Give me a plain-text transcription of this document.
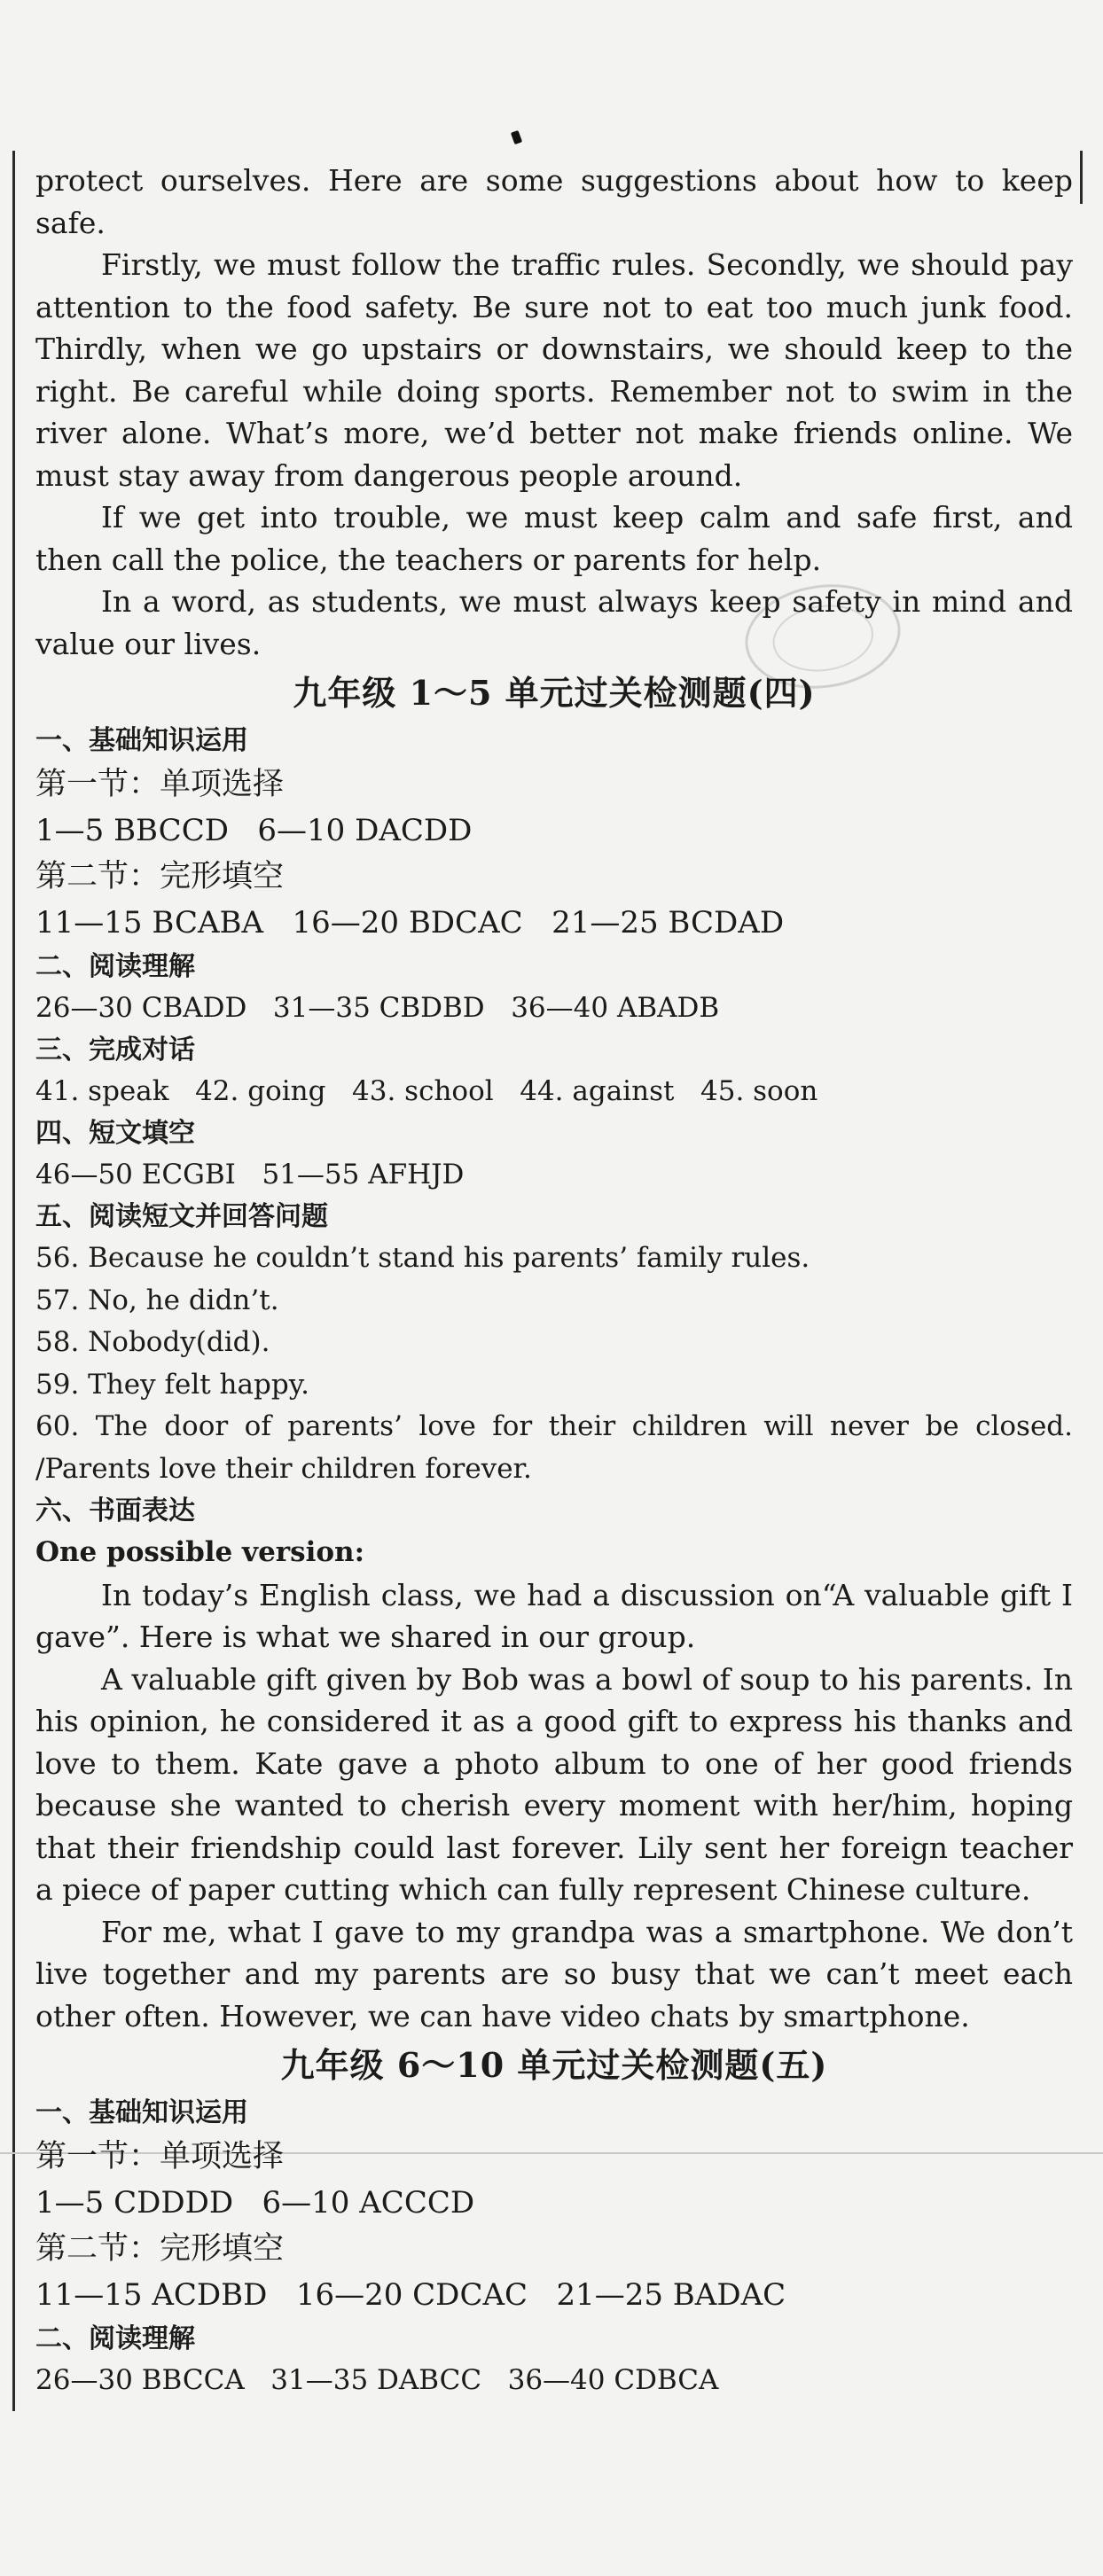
protect ourselves. Here are some suggestions about how to keep safe.

Firstly, we must follow the traffic rules. Secondly, we should pay attention to the food safety. Be sure not to eat too much junk food. Thirdly, when we go upstairs or downstairs, we should keep to the right. Be careful while doing sports. Remember not to swim in the river alone. What’s more, we’d better not make friends online. We must stay away from dangerous people around.

If we get into trouble, we must keep calm and safe first, and then call the police, the teachers or parents for help.

In a word, as students, we must always keep safety in mind and value our lives.

九年级 1～5 单元过关检测题(四)
一、基础知识运用
第一节：单项选择
1—5 BBCCD   6—10 DACDD
第二节：完形填空
11—15 BCABA   16—20 BDCAC   21—25 BCDAD
二、阅读理解
26—30 CBADD   31—35 CBDBD   36—40 ABADB
三、完成对话
41. speak   42. going   43. school   44. against   45. soon
四、短文填空
46—50 ECGBI   51—55 AFHJD
五、阅读短文并回答问题

56. Because he couldn’t stand his parents’ family rules.

57. No, he didn’t.

58. Nobody(did).

59. They felt happy.

60. The door of parents’ love for their children will never be closed. /Parents love their children forever.

六、书面表达

One possible version:

In today’s English class, we had a discussion on“A valuable gift I gave”. Here is what we shared in our group.

A valuable gift given by Bob was a bowl of soup to his parents. In his opinion, he considered it as a good gift to express his thanks and love to them. Kate gave a photo album to one of her good friends because she wanted to cherish every moment with her/him, hoping that their friendship could last forever. Lily sent her foreign teacher a piece of paper cutting which can fully represent Chinese culture.

For me, what I gave to my grandpa was a smartphone. We don’t live together and my parents are so busy that we can’t meet each other often. However, we can have video chats by smartphone.

九年级 6～10 单元过关检测题(五)
一、基础知识运用
第一节：单项选择
1—5 CDDDD   6—10 ACCCD
第二节：完形填空
11—15 ACDBD   16—20 CDCAC   21—25 BADAC
二、阅读理解
26—30 BBCCA   31—35 DABCC   36—40 CDBCA
